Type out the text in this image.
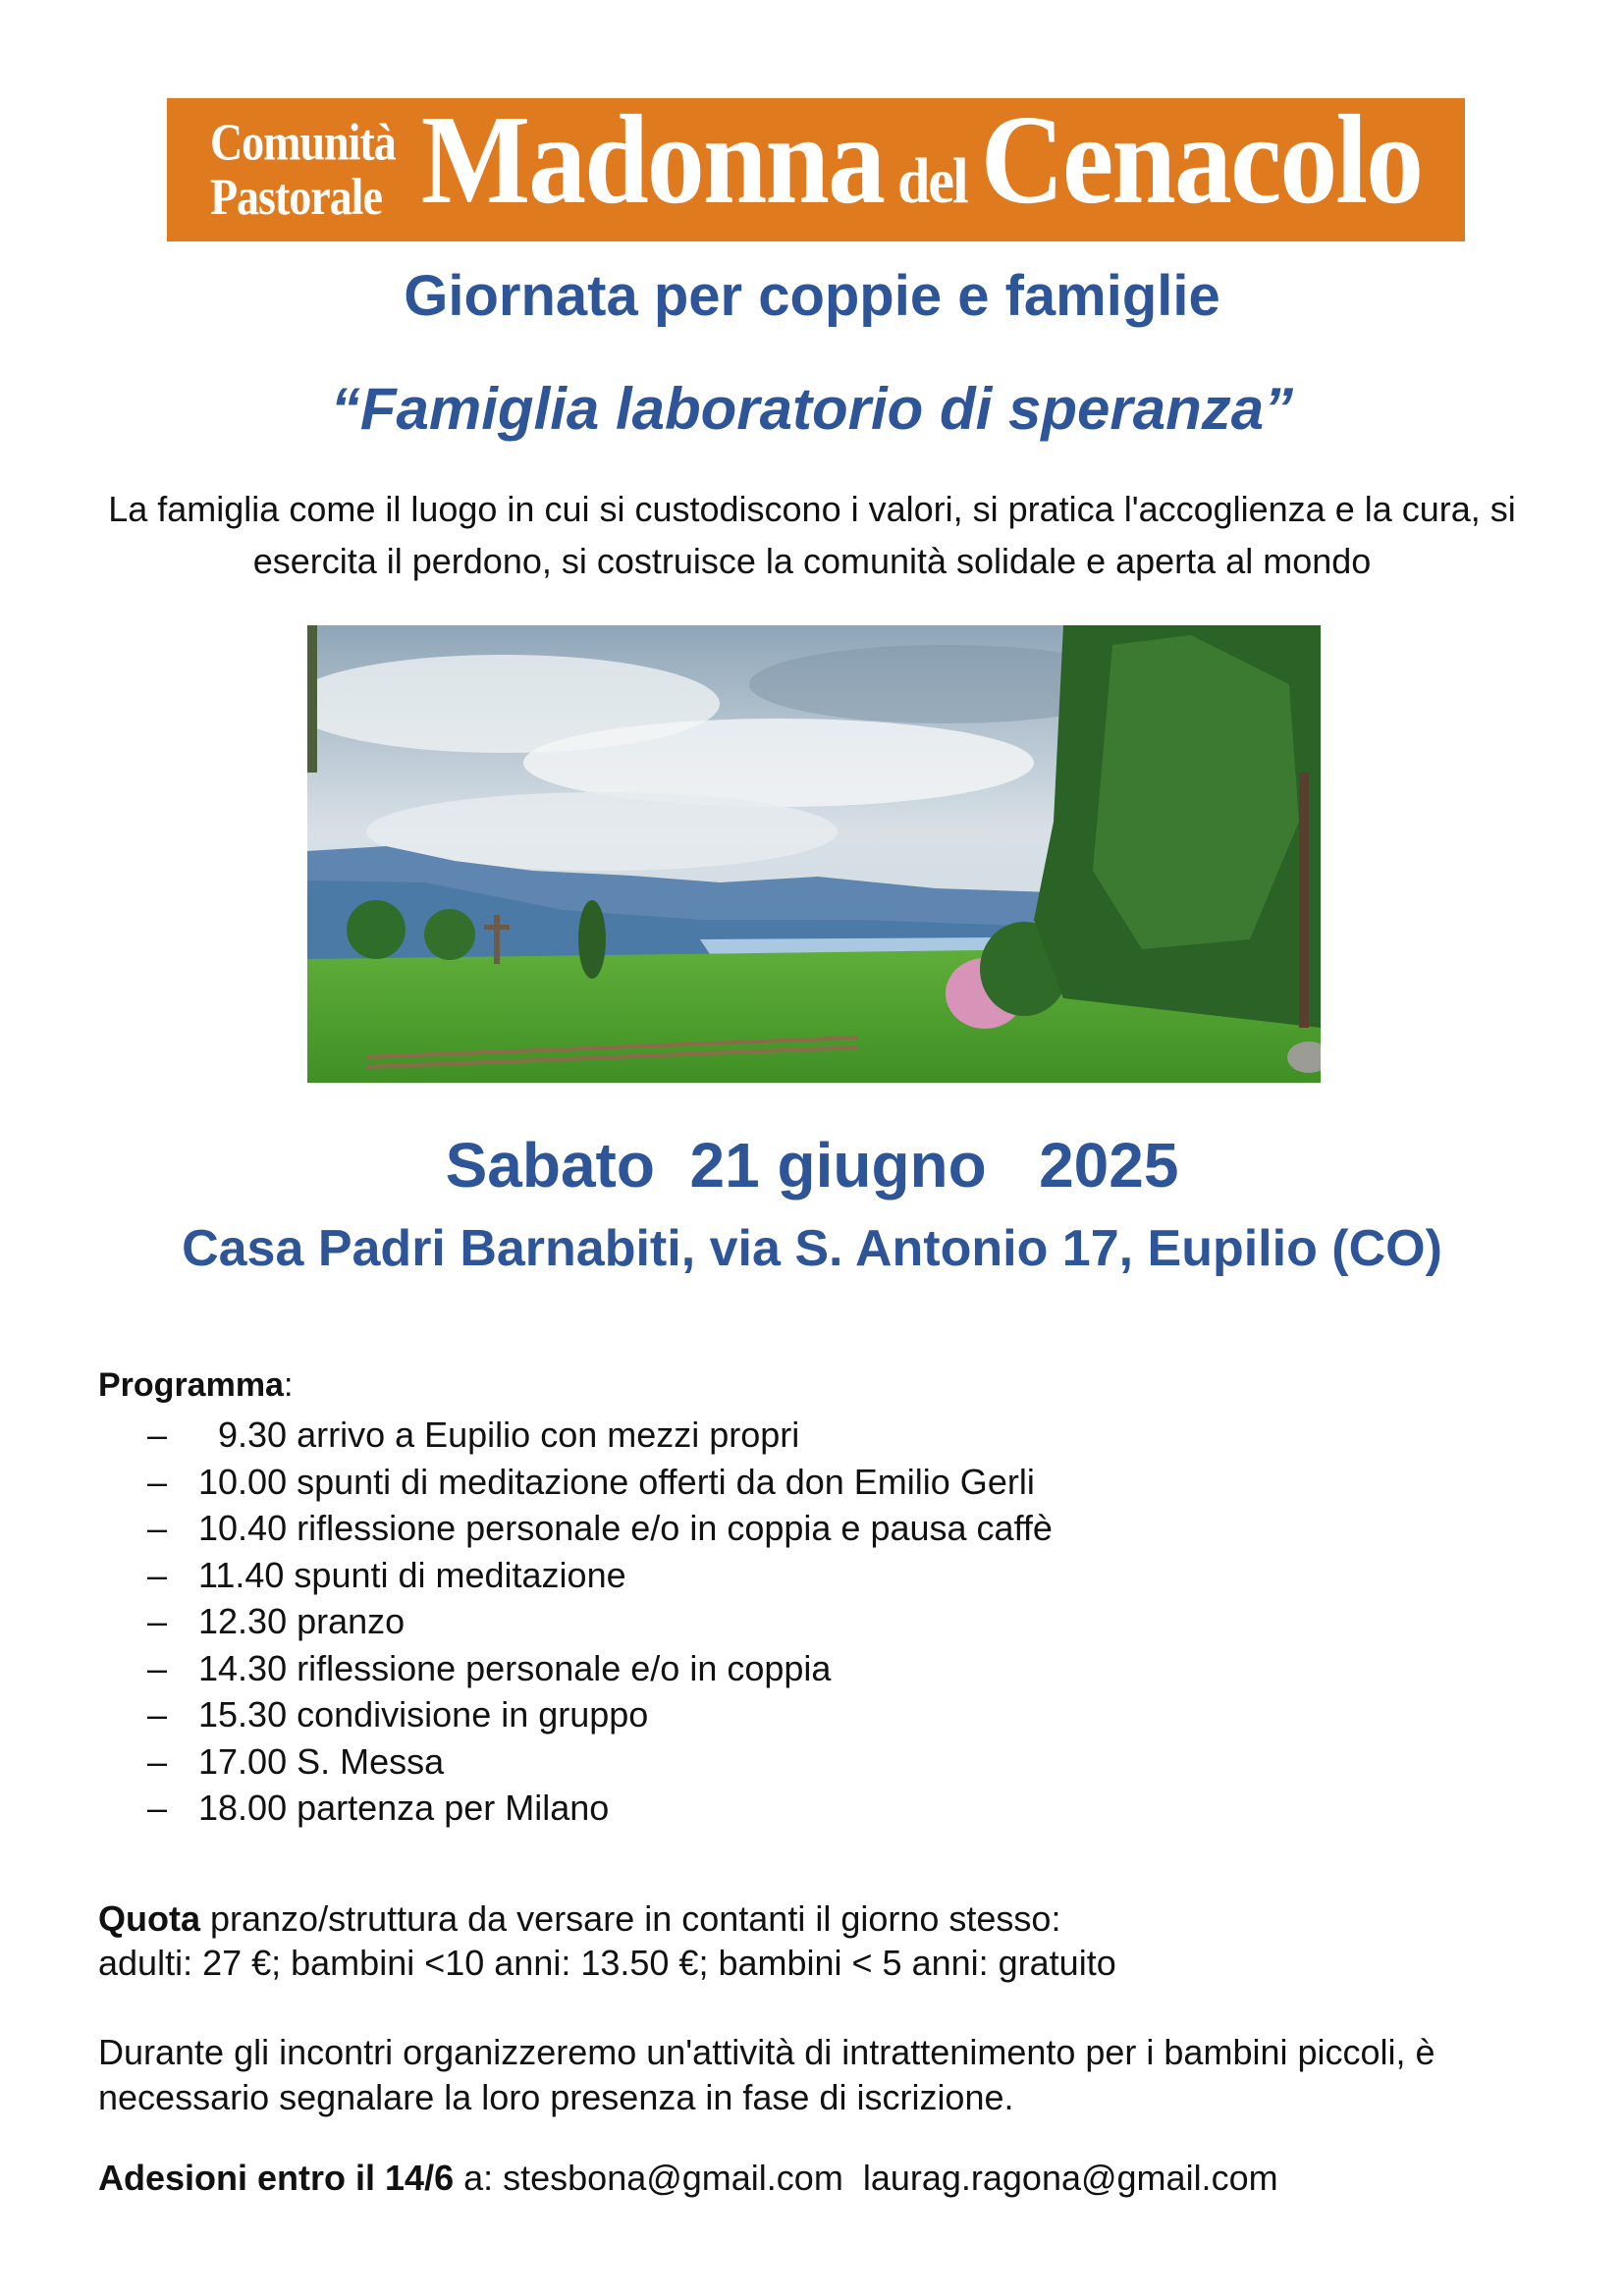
Comunità
Pastorale Madonna del Cenacolo
Giornata per coppie e famiglie
“Famiglia laboratorio di speranza”
La famiglia come il luogo in cui si custodiscono i valori, si pratica l'accoglienza e la cura, si esercita il perdono, si costruisce la comunità solidale e aperta al mondo
Sabato  21 giugno   2025
Casa Padri Barnabiti, via S. Antonio 17, Eupilio (CO)
Programma:
– 9.30 arrivo a Eupilio con mezzi propri
– 10.00 spunti di meditazione offerti da don Emilio Gerli
– 10.40 riflessione personale e/o in coppia e pausa caffè
– 11.40 spunti di meditazione
– 12.30 pranzo
– 14.30 riflessione personale e/o in coppia
– 15.30 condivisione in gruppo
– 17.00 S. Messa
– 18.00 partenza per Milano
Quota pranzo/struttura da versare in contanti il giorno stesso:
adulti: 27 €; bambini <10 anni: 13.50 €; bambini < 5 anni: gratuito
Durante gli incontri organizzeremo un'attività di intrattenimento per i bambini piccoli, è necessario segnalare la loro presenza in fase di iscrizione.
Adesioni entro il 14/6 a: stesbona@gmail.com  laurag.ragona@gmail.com
